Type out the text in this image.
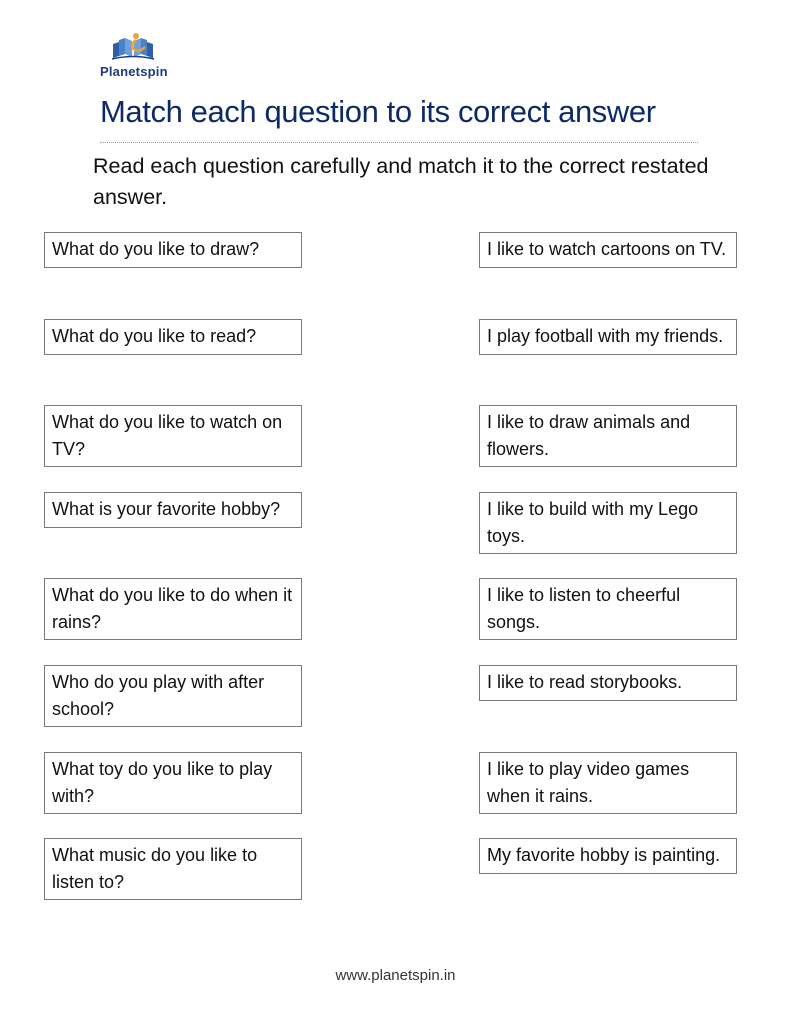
Planetspin
Match each question to its correct answer
Read each question carefully and match it to the correct restated answer.
What do you like to draw?
What do you like to read?
What do you like to watch on TV?
What is your favorite hobby?
What do you like to do when it rains?
Who do you play with after school?
What toy do you like to play with?
What music do you like to listen to?
I like to watch cartoons on TV.
I play football with my friends.
I like to draw animals and flowers.
I like to build with my Lego toys.
I like to listen to cheerful songs.
I like to read storybooks.
I like to play video games when it rains.
My favorite hobby is painting.
www.planetspin.in
